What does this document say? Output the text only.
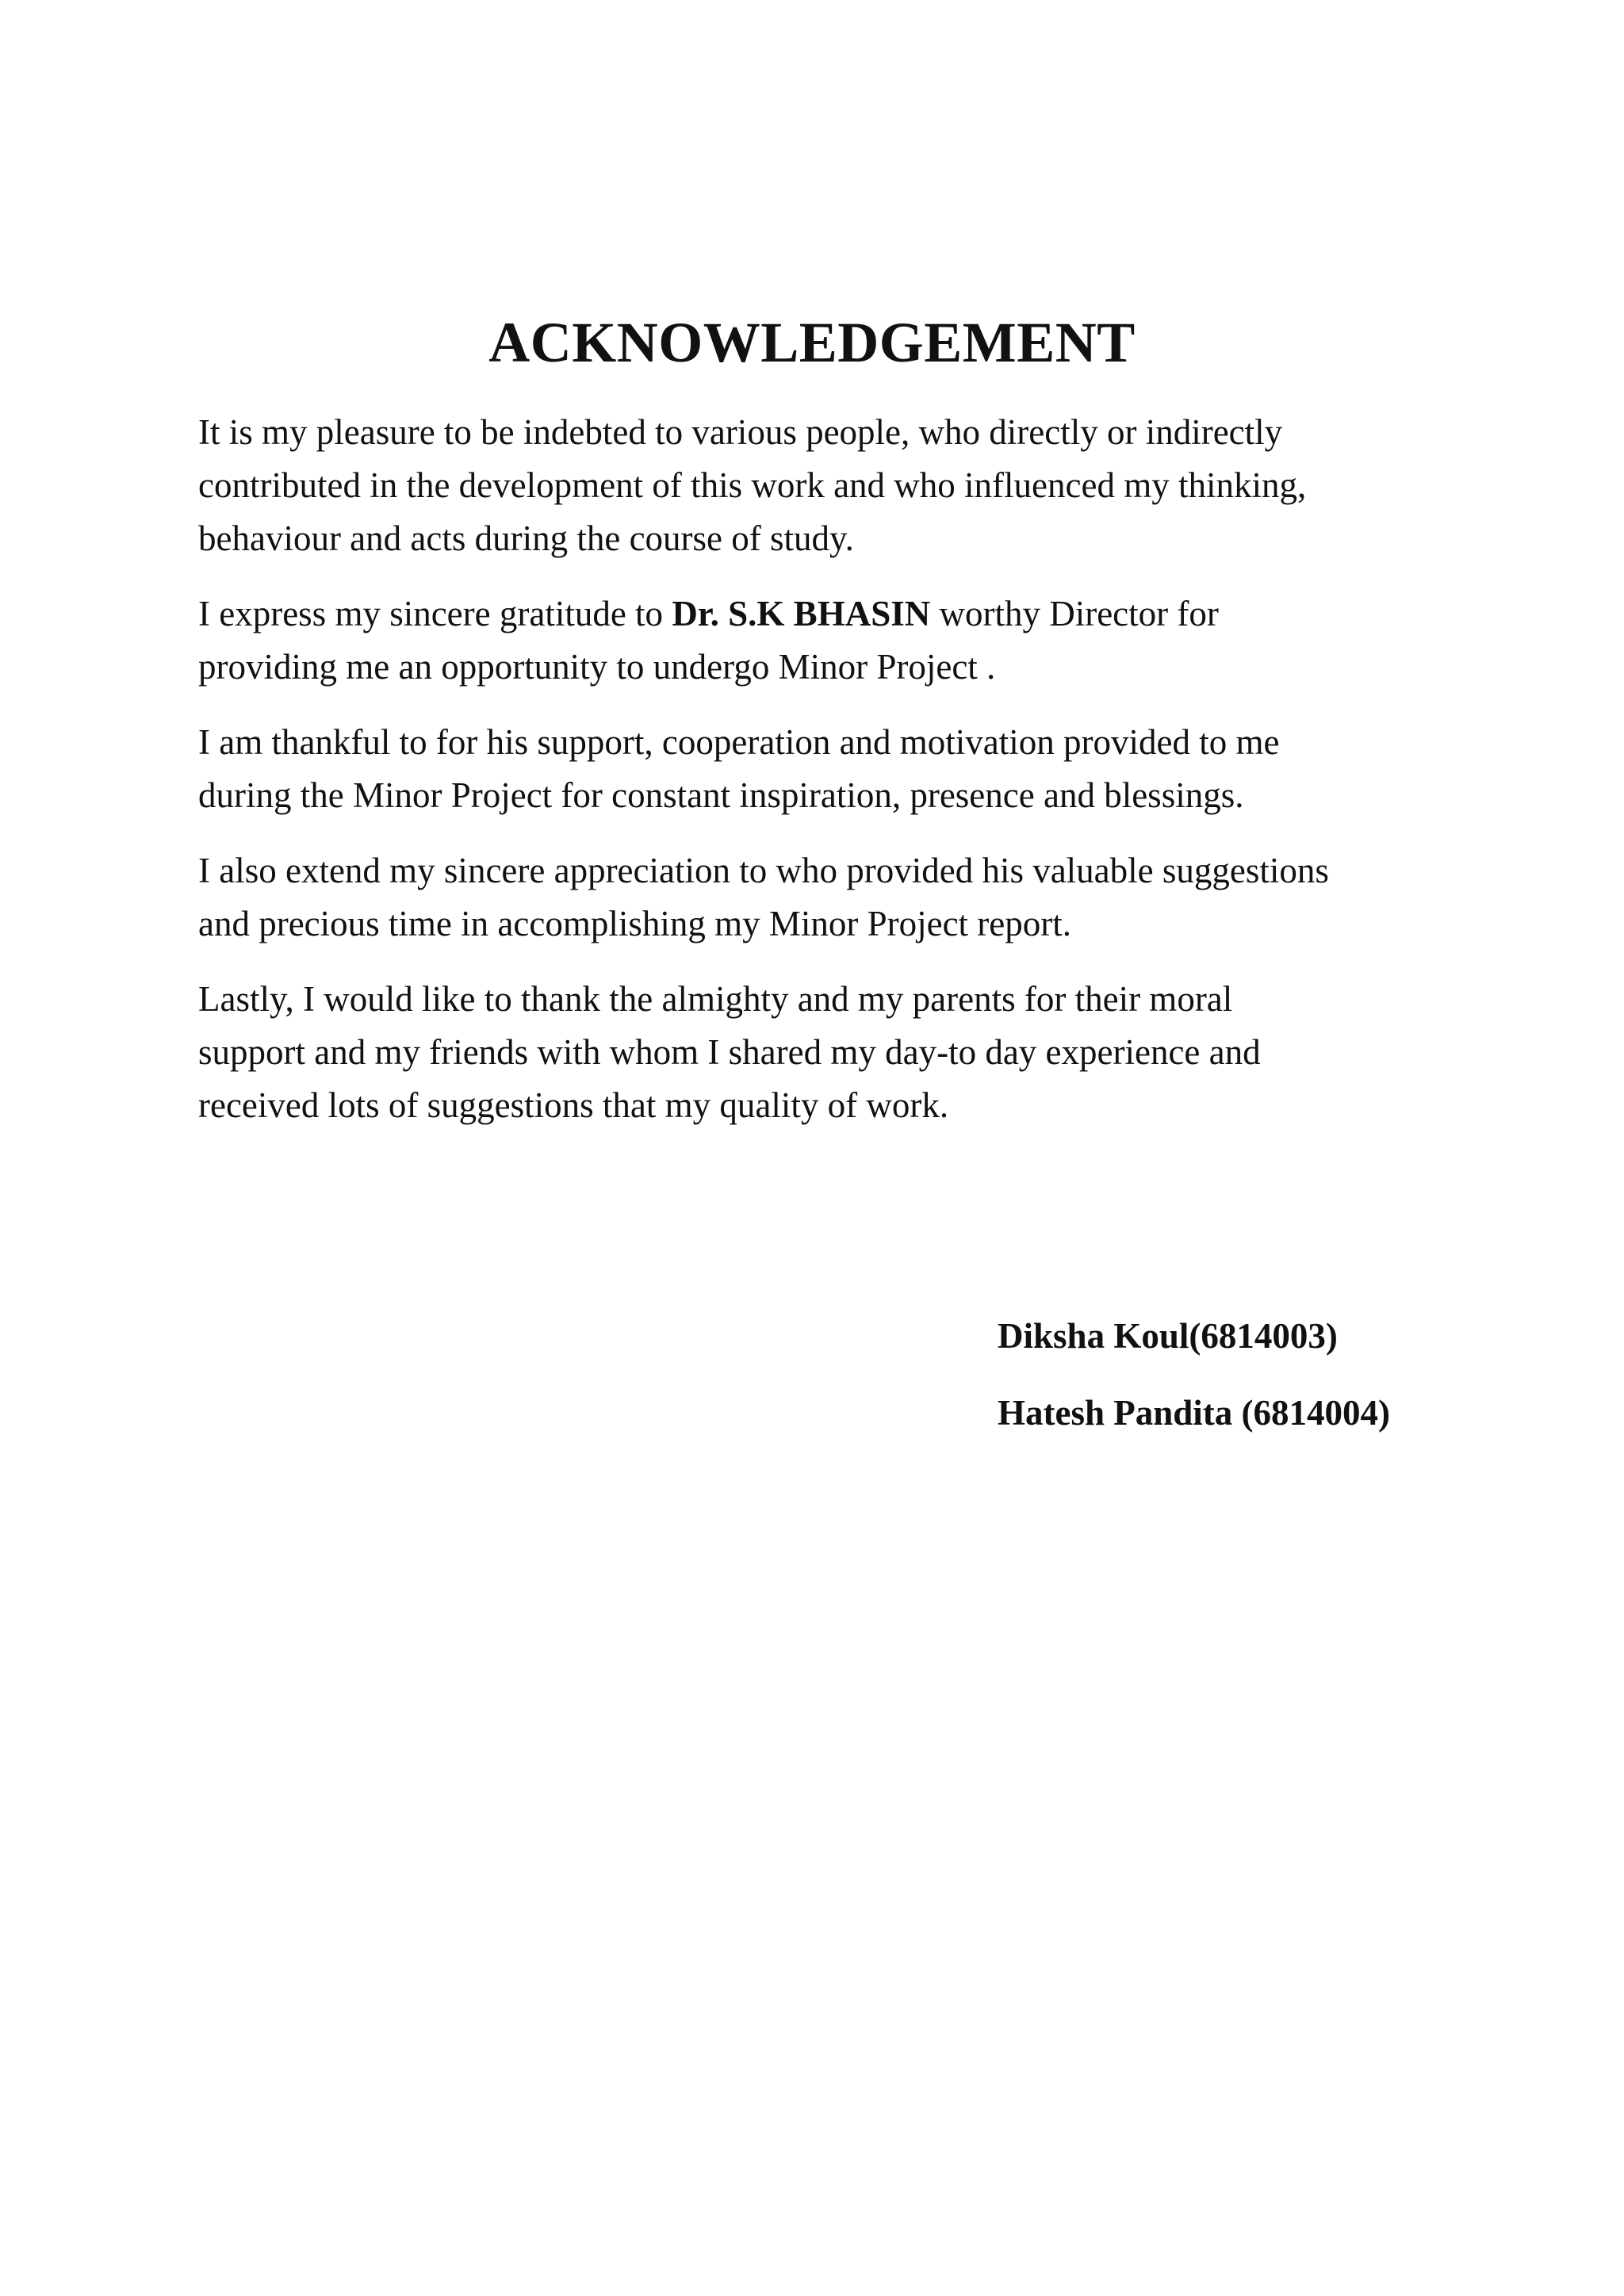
ACKNOWLEDGEMENT

It is my pleasure to be indebted to various people, who directly or indirectly
contributed in the development of this work and who influenced my thinking,
behaviour and acts during the course of study.

I express my sincere gratitude to Dr. S.K BHASIN worthy Director for
providing me an opportunity to undergo Minor Project .

I am thankful to for his support, cooperation and motivation provided to me
during the Minor Project for constant inspiration, presence and blessings.

I also extend my sincere appreciation to who provided his valuable suggestions
and precious time in accomplishing my Minor Project report.

Lastly, I would like to thank the almighty and my parents for their moral
support and my friends with whom I shared my day-to day experience and
received lots of suggestions that my quality of work.

Diksha Koul(6814003)
Hatesh Pandita (6814004)
